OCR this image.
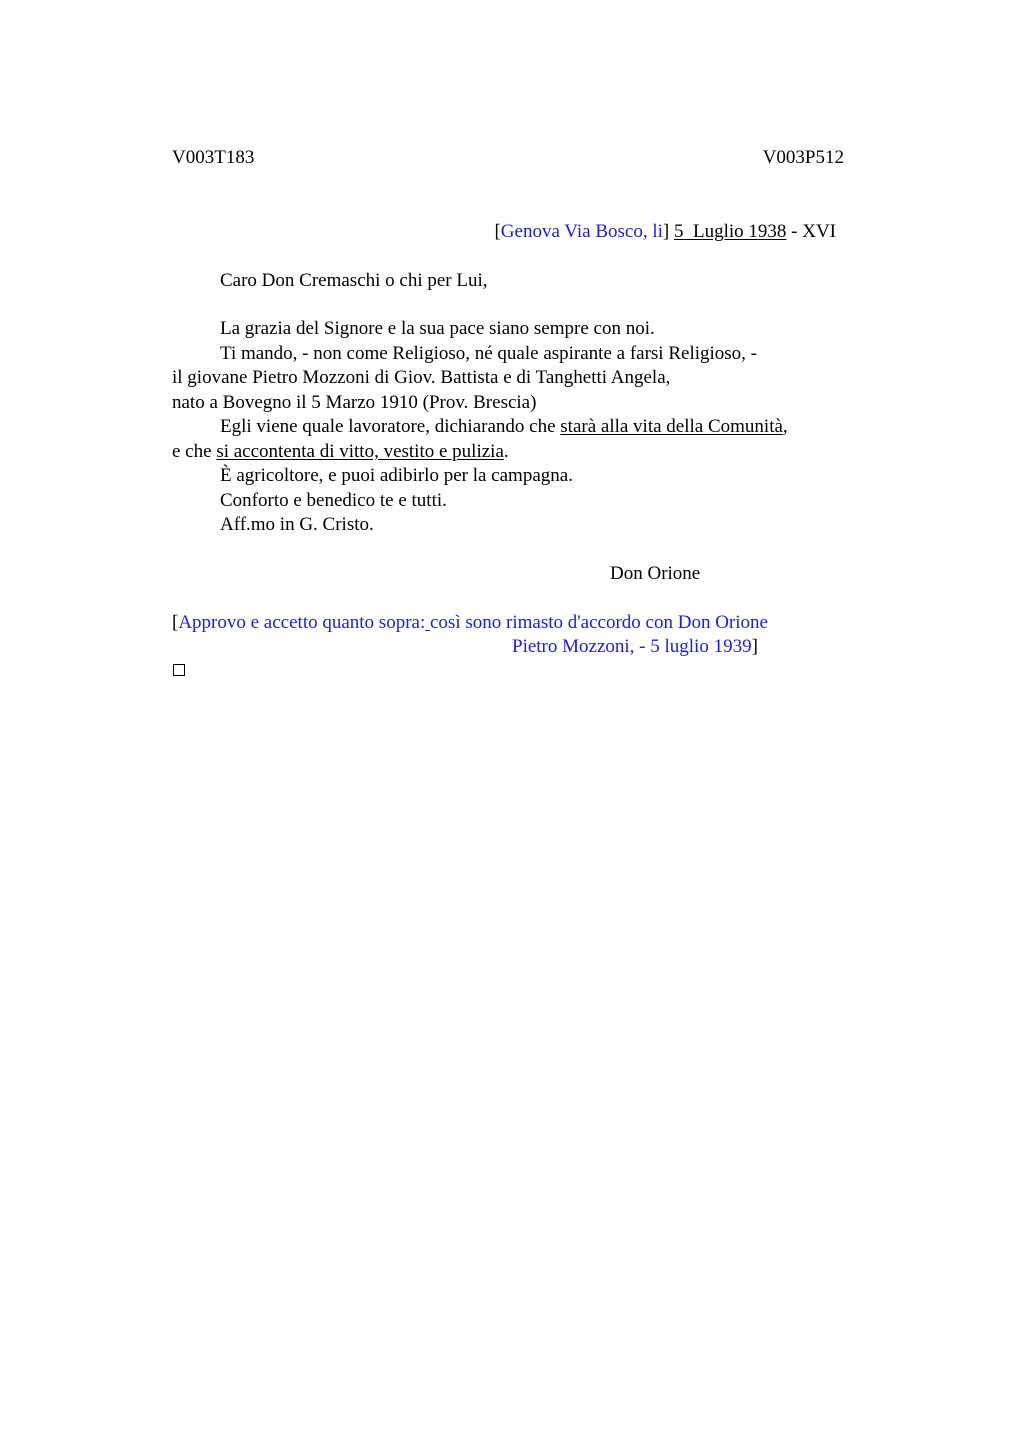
V003T183	V003P512
[Genova Via Bosco, li] 5  Luglio 1938 - XVI
Caro Don Cremaschi o chi per Lui,
La grazia del Signore e la sua pace siano sempre con noi.
Ti mando, - non come Religioso, né quale aspirante a farsi Religioso, -
il giovane Pietro Mozzoni di Giov. Battista e di Tanghetti Angela,
nato a Bovegno il 5 Marzo 1910 (Prov. Brescia)
Egli viene quale lavoratore, dichiarando che starà alla vita della Comunità,
e che si accontenta di vitto, vestito e pulizia.
È agricoltore, e puoi adibirlo per la campagna.
Conforto e benedico te e tutti.
Aff.mo in G. Cristo.
Don Orione
[Approvo e accetto quanto sopra: così sono rimasto d'accordo con Don Orione
Pietro Mozzoni, - 5 luglio 1939]
